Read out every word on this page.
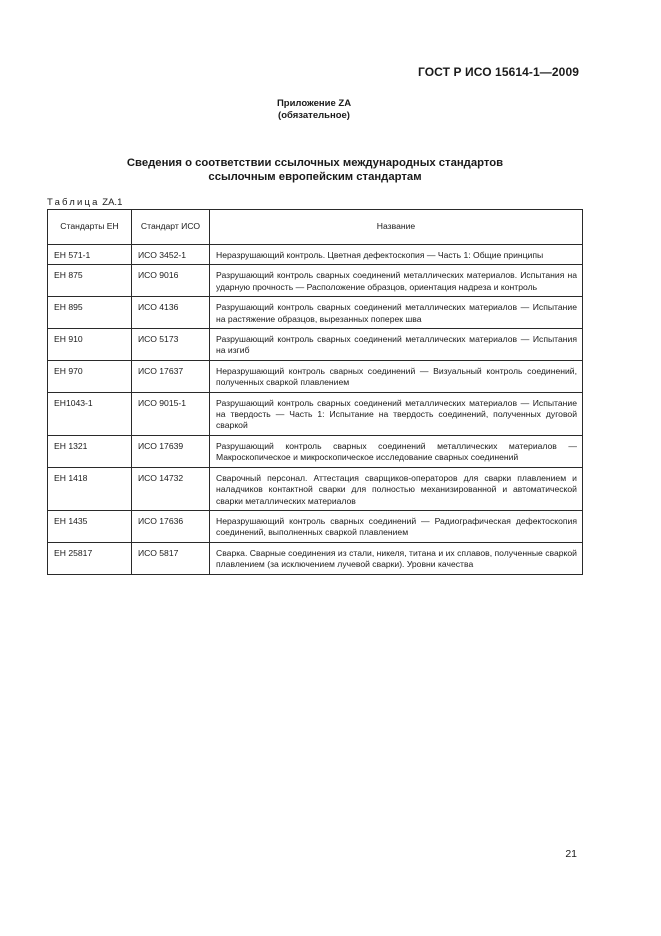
ГОСТ Р ИСО 15614-1—2009
Приложение ZA
(обязательное)
Сведения о соответствии ссылочных международных стандартов
ссылочным европейским стандартам
Таблица ZA.1
Стандарты ЕН	Стандарт ИСО	Название
ЕН 571-1	ИСО 3452-1	Неразрушающий контроль. Цветная дефектоскопия — Часть 1: Общие принципы
ЕН 875	ИСО 9016	Разрушающий контроль сварных соединений металлических материалов. Испытания на ударную прочность — Расположение образцов, ориентация надреза и контроль
ЕН 895	ИСО 4136	Разрушающий контроль сварных соединений металлических материалов — Испытание на растяжение образцов, вырезанных поперек шва
ЕН 910	ИСО 5173	Разрушающий контроль сварных соединений металлических материалов — Испытания на изгиб
ЕН 970	ИСО 17637	Неразрушающий контроль сварных соединений — Визуальный контроль соединений, полученных сваркой плавлением
ЕН1043-1	ИСО 9015-1	Разрушающий контроль сварных соединений металлических материалов — Испытание на твердость — Часть 1: Испытание на твердость соединений, полученных дуговой сваркой
ЕН 1321	ИСО 17639	Разрушающий контроль сварных соединений металлических материалов — Макроскопическое и микроскопическое исследование сварных соединений
ЕН 1418	ИСО 14732	Сварочный персонал. Аттестация сварщиков-операторов для сварки плавлением и наладчиков контактной сварки для полностью механизированной и автоматической сварки металлических материалов
ЕН 1435	ИСО 17636	Неразрушающий контроль сварных соединений — Радиографическая дефектоскопия соединений, выполненных сваркой плавлением
ЕН 25817	ИСО 5817	Сварка. Сварные соединения из стали, никеля, титана и их сплавов, полученные сваркой плавлением (за исключением лучевой сварки). Уровни качества
21
